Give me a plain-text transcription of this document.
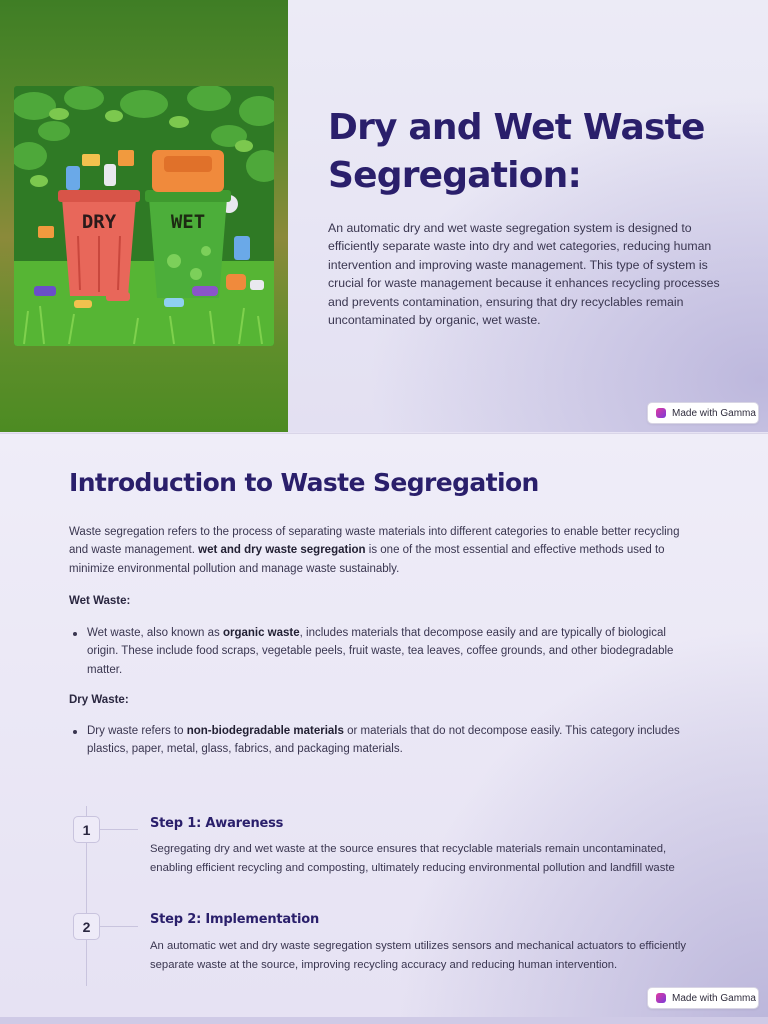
DRY	WET
Dry and Wet Waste Segregation:

An automatic dry and wet waste segregation system is designed to efficiently separate waste into dry and wet categories, reducing human intervention and improving waste management. This type of system is crucial for waste management because it enhances recycling processes and prevents contamination, ensuring that dry recyclables remain uncontaminated by organic, wet waste.

Made with Gamma
Introduction to Waste Segregation

Waste segregation refers to the process of separating waste materials into different categories to enable better recycling and waste management. wet and dry waste segregation is one of the most essential and effective methods used to minimize environmental pollution and manage waste sustainably.

Wet Waste:

Wet waste, also known as organic waste, includes materials that decompose easily and are typically of biological origin. These include food scraps, vegetable peels, fruit waste, tea leaves, coffee grounds, and other biodegradable matter.

Dry Waste:

Dry waste refers to non-biodegradable materials or materials that do not decompose easily. This category includes plastics, paper, metal, glass, fabrics, and packaging materials.

1	Step 1: Awareness

Segregating dry and wet waste at the source ensures that recyclable materials remain uncontaminated, enabling efficient recycling and composting, ultimately reducing environmental pollution and landfill waste

2	Step 2: Implementation

An automatic wet and dry waste segregation system utilizes sensors and mechanical actuators to efficiently separate waste at the source, improving recycling accuracy and reducing human intervention.

Made with Gamma
